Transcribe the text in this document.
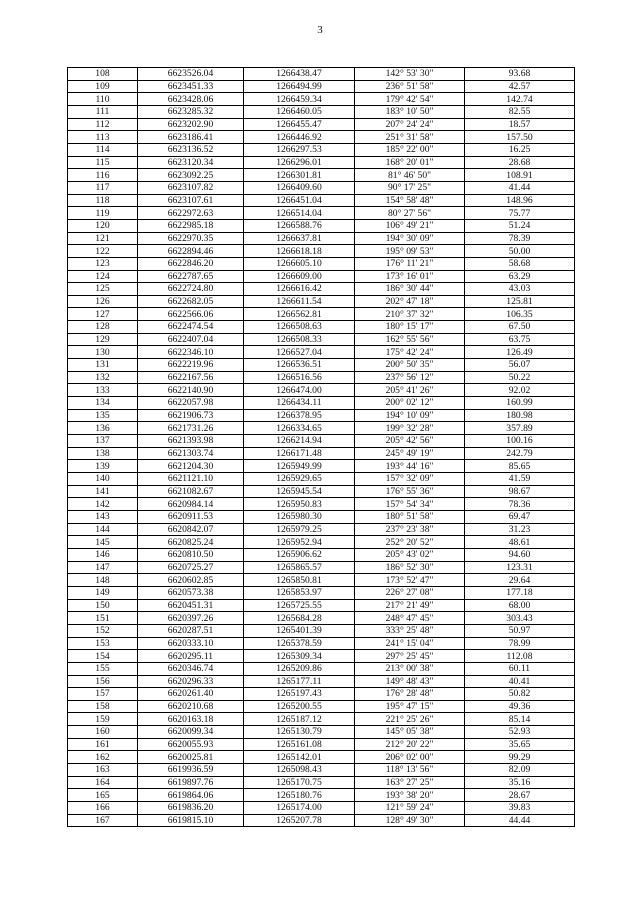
3
108	6623526.04	1266438.47	142° 53' 30"	93.68
109	6623451.33	1266494.99	236° 51' 58"	42.57
110	6623428.06	1266459.34	179° 42' 54"	142.74
111	6623285.32	1266460.05	183° 10' 50"	82.55
112	6623202.90	1266455.47	207° 24' 24"	18.57
113	6623186.41	1266446.92	251° 31' 58"	157.50
114	6623136.52	1266297.53	185° 22' 00"	16.25
115	6623120.34	1266296.01	168° 20' 01"	28.68
116	6623092.25	1266301.81	81° 46' 50"	108.91
117	6623107.82	1266409.60	90° 17' 25"	41.44
118	6623107.61	1266451.04	154° 58' 48"	148.96
119	6622972.63	1266514.04	80° 27' 56"	75.77
120	6622985.18	1266588.76	106° 49' 21"	51.24
121	6622970.35	1266637.81	194° 30' 09"	78.39
122	6622894.46	1266618.18	195° 09' 53"	50.00
123	6622846.20	1266605.10	176° 11' 21"	58.68
124	6622787.65	1266609.00	173° 16' 01"	63.29
125	6622724.80	1266616.42	186° 30' 44"	43.03
126	6622682.05	1266611.54	202° 47' 18"	125.81
127	6622566.06	1266562.81	210° 37' 32"	106.35
128	6622474.54	1266508.63	180° 15' 17"	67.50
129	6622407.04	1266508.33	162° 55' 56"	63.75
130	6622346.10	1266527.04	175° 42' 24"	126.49
131	6622219.96	1266536.51	200° 50' 35"	56.07
132	6622167.56	1266516.56	237° 56' 12"	50.22
133	6622140.90	1266474.00	205° 41' 26"	92.02
134	6622057.98	1266434.11	200° 02' 12"	160.99
135	6621906.73	1266378.95	194° 10' 09"	180.98
136	6621731.26	1266334.65	199° 32' 28"	357.89
137	6621393.98	1266214.94	205° 42' 56"	100.16
138	6621303.74	1266171.48	245° 49' 19"	242.79
139	6621204.30	1265949.99	193° 44' 16"	85.65
140	6621121.10	1265929.65	157° 32' 09"	41.59
141	6621082.67	1265945.54	176° 55' 36"	98.67
142	6620984.14	1265950.83	157° 54' 34"	78.36
143	6620911.53	1265980.30	180° 51' 58"	69.47
144	6620842.07	1265979.25	237° 23' 38"	31.23
145	6620825.24	1265952.94	252° 20' 52"	48.61
146	6620810.50	1265906.62	205° 43' 02"	94.60
147	6620725.27	1265865.57	186° 52' 30"	123.31
148	6620602.85	1265850.81	173° 52' 47"	29.64
149	6620573.38	1265853.97	226° 27' 08"	177.18
150	6620451.31	1265725.55	217° 21' 49"	68.00
151	6620397.26	1265684.28	248° 47' 45"	303.43
152	6620287.51	1265401.39	333° 25' 48"	50.97
153	6620333.10	1265378.59	241° 15' 04"	78.99
154	6620295.11	1265309.34	297° 25' 45"	112.08
155	6620346.74	1265209.86	213° 00' 38"	60.11
156	6620296.33	1265177.11	149° 48' 43"	40.41
157	6620261.40	1265197.43	176° 28' 48"	50.82
158	6620210.68	1265200.55	195° 47' 15"	49.36
159	6620163.18	1265187.12	221° 25' 26"	85.14
160	6620099.34	1265130.79	145° 05' 38"	52.93
161	6620055.93	1265161.08	212° 20' 22"	35.65
162	6620025.81	1265142.01	206° 02' 00"	99.29
163	6619936.59	1265098.43	118° 13' 56"	82.09
164	6619897.76	1265170.75	163° 27' 25"	35.16
165	6619864.06	1265180.76	193° 38' 20"	28.67
166	6619836.20	1265174.00	121° 59' 24"	39.83
167	6619815.10	1265207.78	128° 49' 30"	44.44
